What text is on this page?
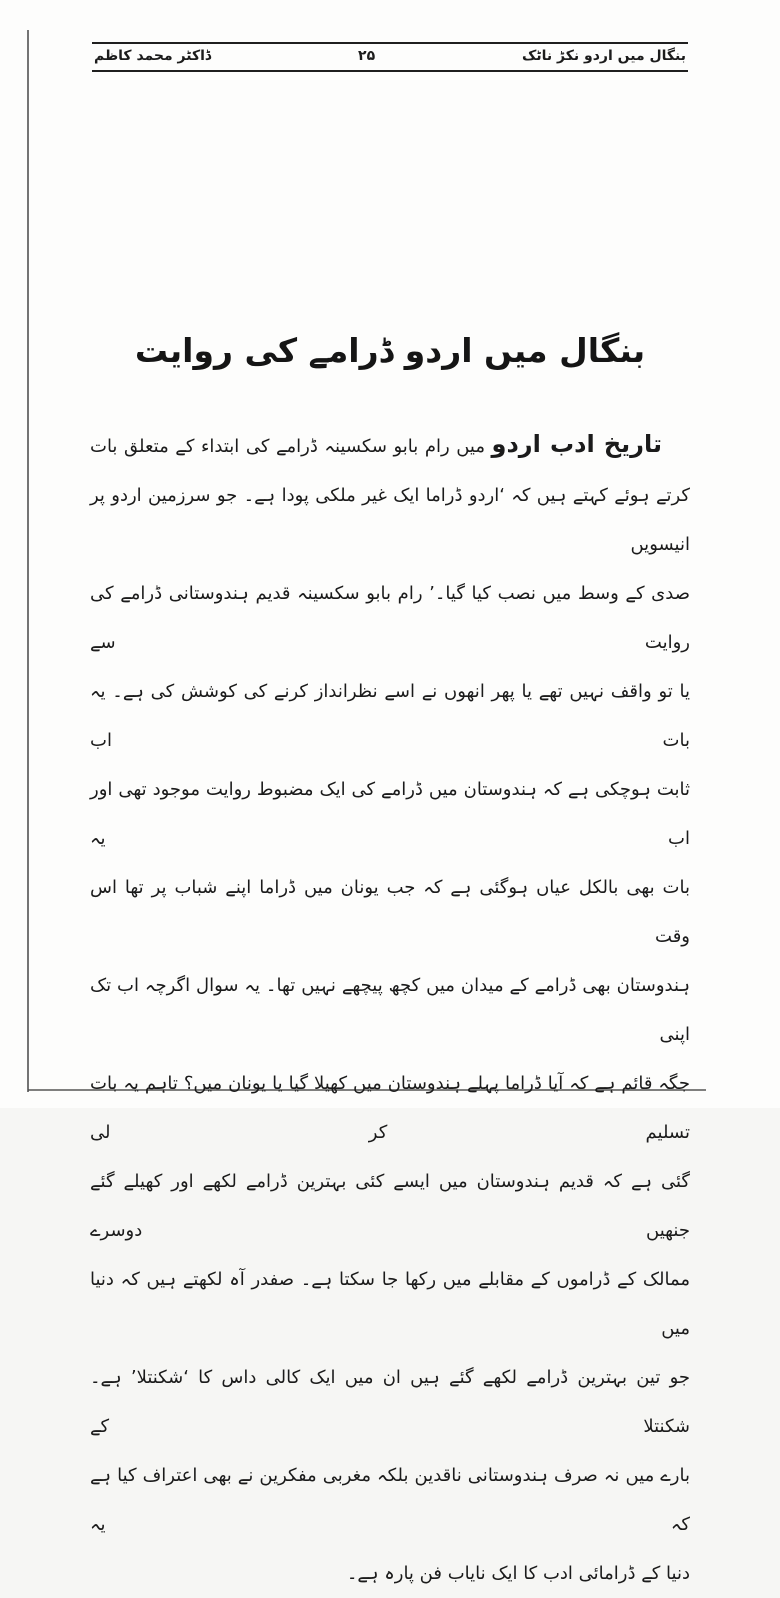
بنگال میں اردو نکڑ ناٹک
۲۵
ڈاکٹر محمد کاظم
بنگال میں اردو ڈرامے کی روایت
تاریخ ادب اردو میں رام بابو سکسینہ ڈرامے کی ابتداء کے متعلق بات
کرتے ہوئے کہتے ہیں کہ ‘اردو ڈراما ایک غیر ملکی پودا ہے۔ جو سرزمین اردو پر انیسویں
صدی کے وسط میں نصب کیا گیا۔’ رام بابو سکسینہ قدیم ہندوستانی ڈرامے کی روایت سے
یا تو واقف نہیں تھے یا پھر انھوں نے اسے نظرانداز کرنے کی کوشش کی ہے۔ یہ بات اب
ثابت ہوچکی ہے کہ ہندوستان میں ڈرامے کی ایک مضبوط روایت موجود تھی اور اب یہ
بات بھی بالکل عیاں ہوگئی ہے کہ جب یونان میں ڈراما اپنے شباب پر تھا اس وقت
ہندوستان بھی ڈرامے کے میدان میں کچھ پیچھے نہیں تھا۔ یہ سوال اگرچہ اب تک اپنی
جگہ قائم ہے کہ آیا ڈراما پہلے ہندوستان میں کھیلا گیا یا یونان میں؟ تاہم یہ بات تسلیم کر لی
گئی ہے کہ قدیم ہندوستان میں ایسے کئی بہترین ڈرامے لکھے اور کھیلے گئے جنھیں دوسرے
ممالک کے ڈراموں کے مقابلے میں رکھا جا سکتا ہے۔ صفدر آہ لکھتے ہیں کہ دنیا میں
جو تین بہترین ڈرامے لکھے گئے ہیں ان میں ایک کالی داس کا ‘شکنتلا’ ہے۔ شکنتلا کے
بارے میں نہ صرف ہندوستانی ناقدین بلکہ مغربی مفکرین نے بھی اعتراف کیا ہے کہ یہ
دنیا کے ڈرامائی ادب کا ایک نایاب فن پارہ ہے۔
